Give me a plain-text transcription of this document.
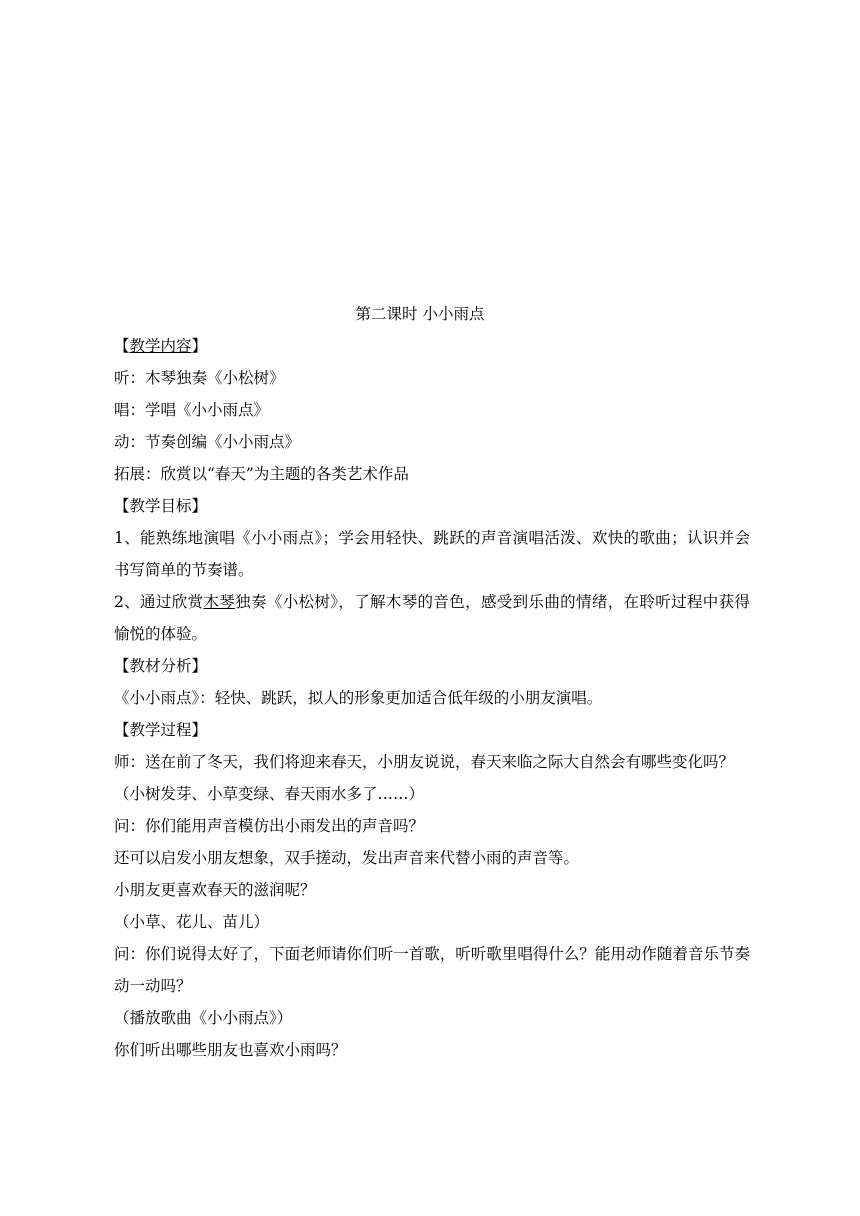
第二课时 小小雨点
【教学内容】
听：木琴独奏《小松树》
唱：学唱《小小雨点》
动：节奏创编《小小雨点》
拓展：欣赏以“春天”为主题的各类艺术作品
【教学目标】
1、能熟练地演唱《小小雨点》；学会用轻快、跳跃的声音演唱活泼、欢快的歌曲；认识并会书写简单的节奏谱。
2、通过欣赏木琴独奏《小松树》，了解木琴的音色，感受到乐曲的情绪，在聆听过程中获得愉悦的体验。
【教材分析】
《小小雨点》：轻快、跳跃，拟人的形象更加适合低年级的小朋友演唱。
【教学过程】
师：送在前了冬天，我们将迎来春天，小朋友说说，春天来临之际大自然会有哪些变化吗？
（小树发芽、小草变绿、春天雨水多了……）
问：你们能用声音模仿出小雨发出的声音吗？
还可以启发小朋友想象，双手搓动，发出声音来代替小雨的声音等。
小朋友更喜欢春天的滋润呢？
（小草、花儿、苗儿）
问：你们说得太好了，下面老师请你们听一首歌，听听歌里唱得什么？能用动作随着音乐节奏动一动吗？
（播放歌曲《小小雨点》）
你们听出哪些朋友也喜欢小雨吗？
